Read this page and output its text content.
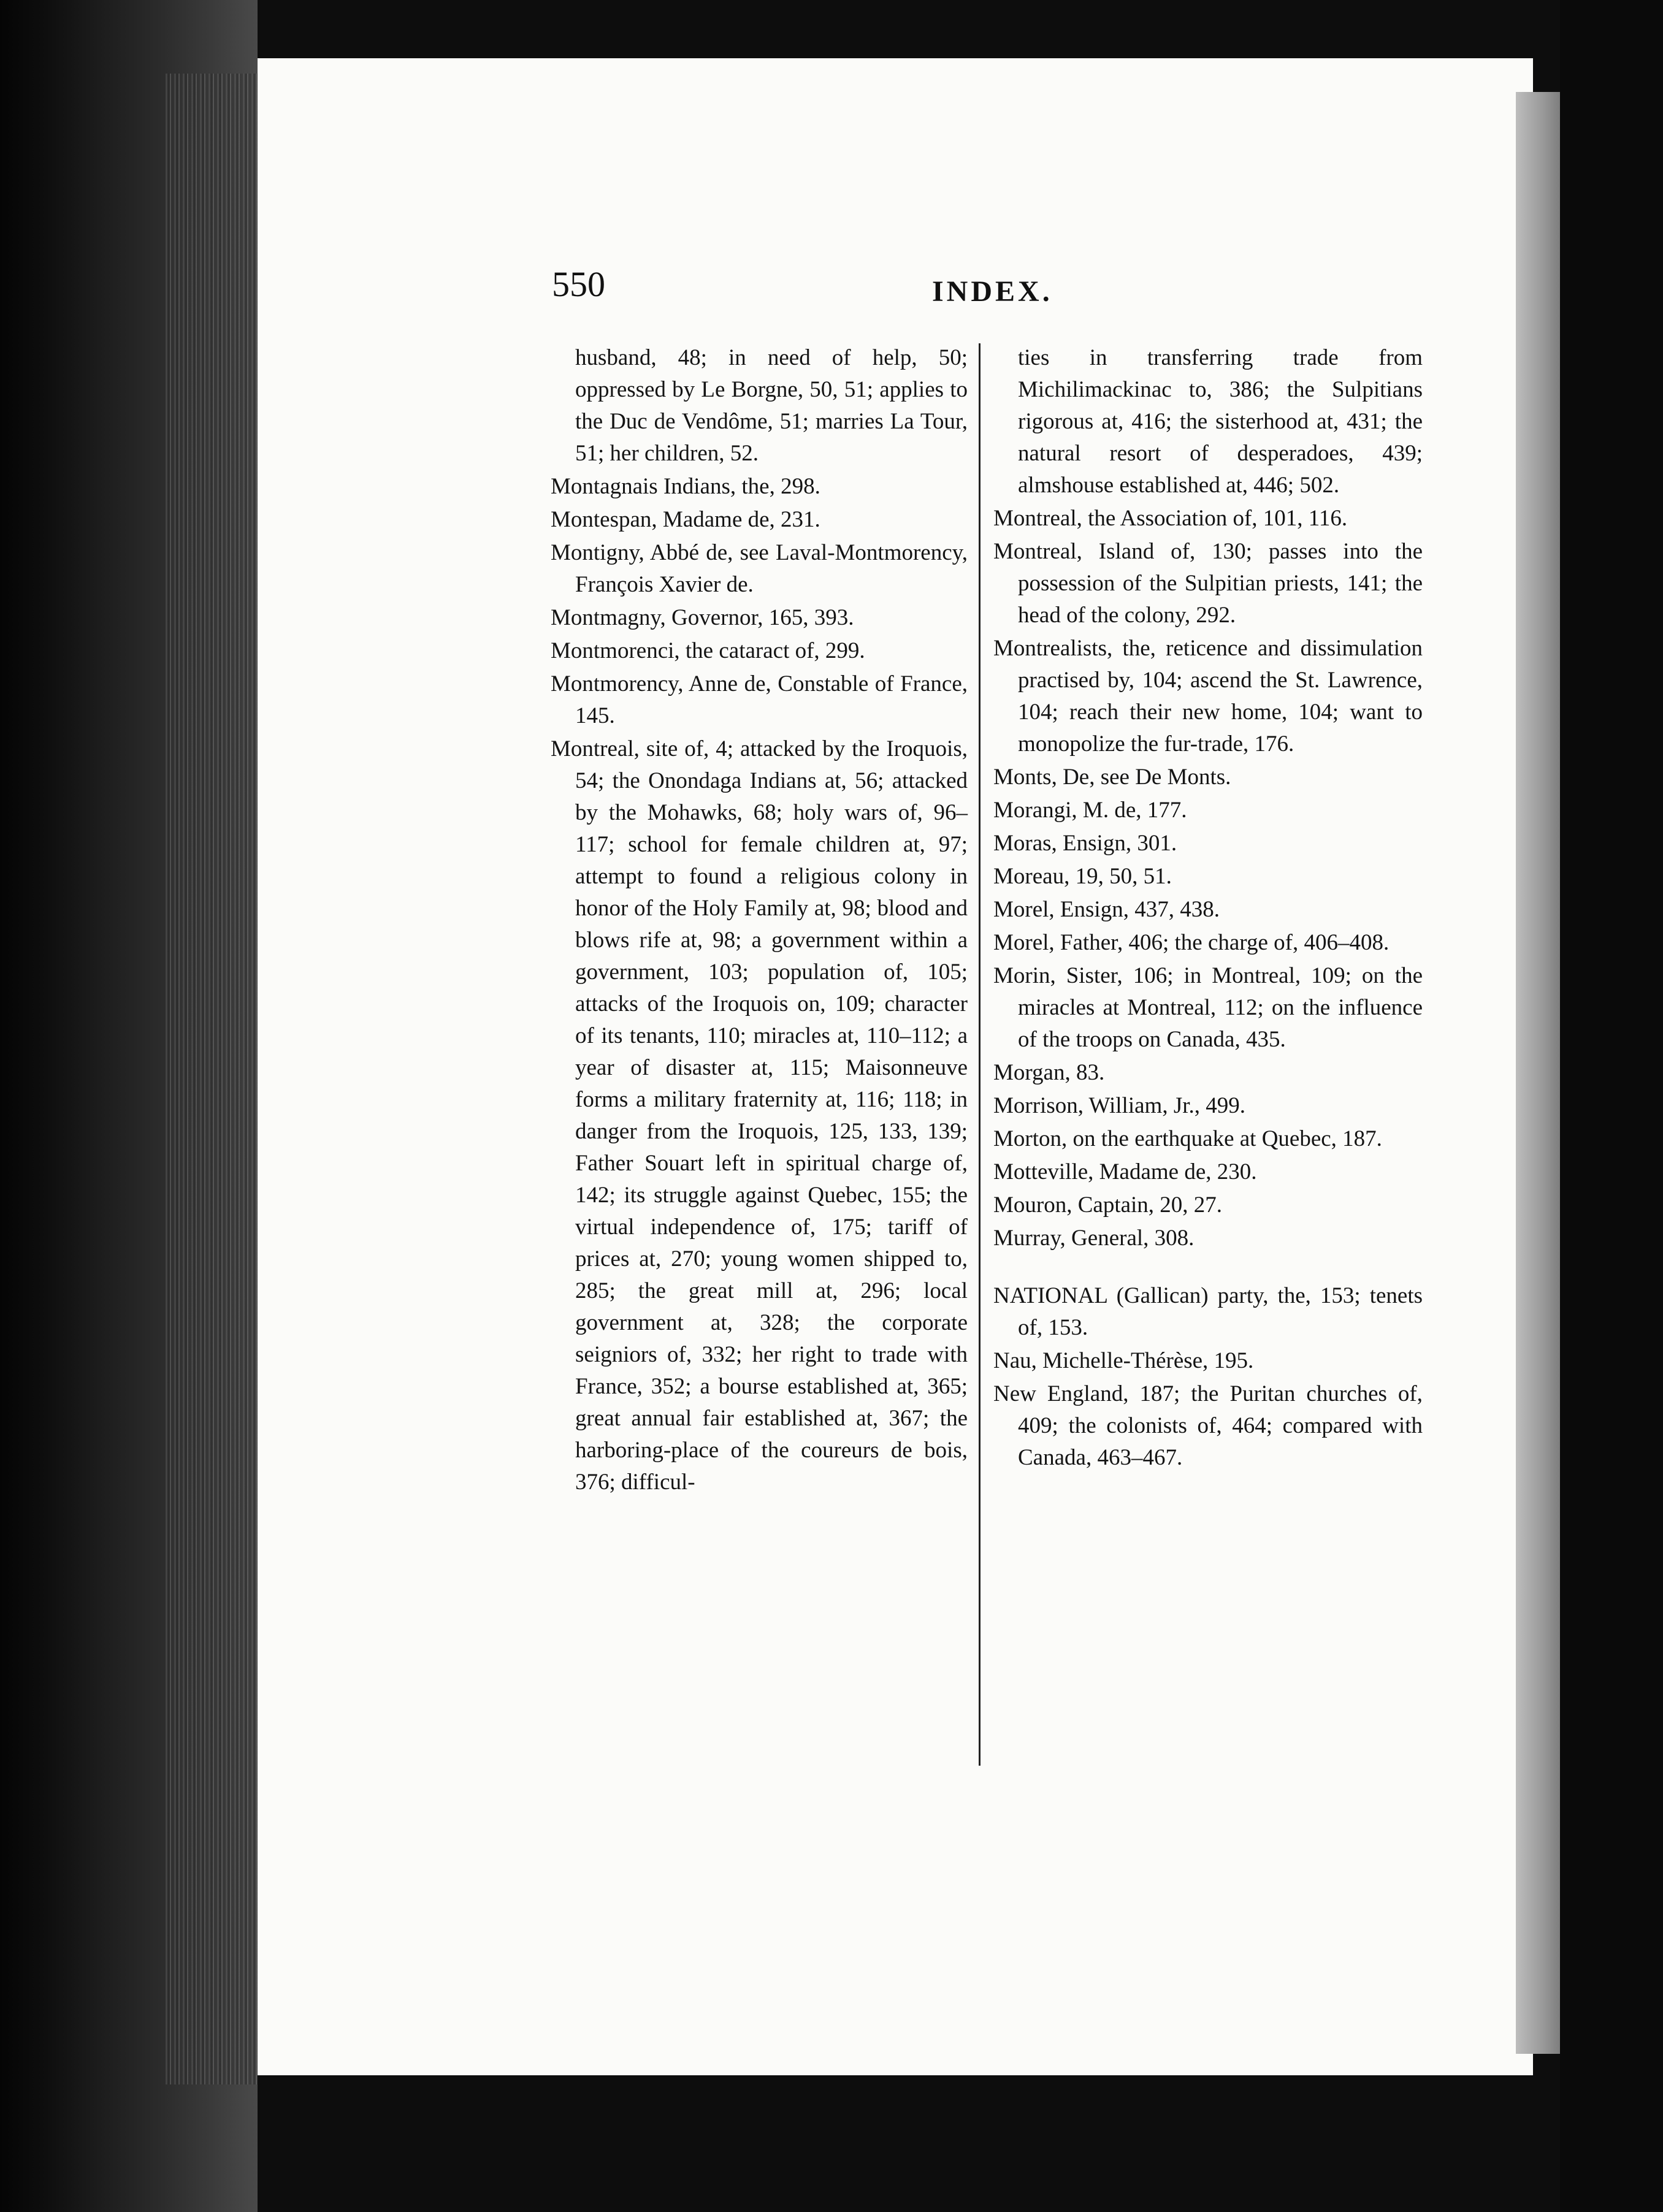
550	INDEX.

husband, 48; in need of help, 50; oppressed by Le Borgne, 50, 51; applies to the Duc de Vendôme, 51; marries La Tour, 51; her children, 52.

Montagnais Indians, the, 298.

Montespan, Madame de, 231.

Montigny, Abbé de, see Laval-Montmorency, François Xavier de.

Montmagny, Governor, 165, 393.

Montmorenci, the cataract of, 299.

Montmorency, Anne de, Constable of France, 145.

Montreal, site of, 4; attacked by the Iroquois, 54; the Onondaga Indians at, 56; attacked by the Mohawks, 68; holy wars of, 96–117; school for female children at, 97; attempt to found a religious colony in honor of the Holy Family at, 98; blood and blows rife at, 98; a government within a government, 103; population of, 105; attacks of the Iroquois on, 109; character of its tenants, 110; miracles at, 110–112; a year of disaster at, 115; Maisonneuve forms a military fraternity at, 116; 118; in danger from the Iroquois, 125, 133, 139; Father Souart left in spiritual charge of, 142; its struggle against Quebec, 155; the virtual independence of, 175; tariff of prices at, 270; young women shipped to, 285; the great mill at, 296; local government at, 328; the corporate seigniors of, 332; her right to trade with France, 352; a bourse established at, 365; great annual fair established at, 367; the harboring-place of the coureurs de bois, 376; difficul-

ties in transferring trade from Michilimackinac to, 386; the Sulpitians rigorous at, 416; the sisterhood at, 431; the natural resort of desperadoes, 439; almshouse established at, 446; 502.

Montreal, the Association of, 101, 116.

Montreal, Island of, 130; passes into the possession of the Sulpitian priests, 141; the head of the colony, 292.

Montrealists, the, reticence and dissimulation practised by, 104; ascend the St. Lawrence, 104; reach their new home, 104; want to monopolize the fur-trade, 176.

Monts, De, see De Monts.

Morangi, M. de, 177.

Moras, Ensign, 301.

Moreau, 19, 50, 51.

Morel, Ensign, 437, 438.

Morel, Father, 406; the charge of, 406–408.

Morin, Sister, 106; in Montreal, 109; on the miracles at Montreal, 112; on the influence of the troops on Canada, 435.

Morgan, 83.

Morrison, William, Jr., 499.

Morton, on the earthquake at Quebec, 187.

Motteville, Madame de, 230.

Mouron, Captain, 20, 27.

Murray, General, 308.

NATIONAL (Gallican) party, the, 153; tenets of, 153.

Nau, Michelle-Thérèse, 195.

New England, 187; the Puritan churches of, 409; the colonists of, 464; compared with Canada, 463–467.
